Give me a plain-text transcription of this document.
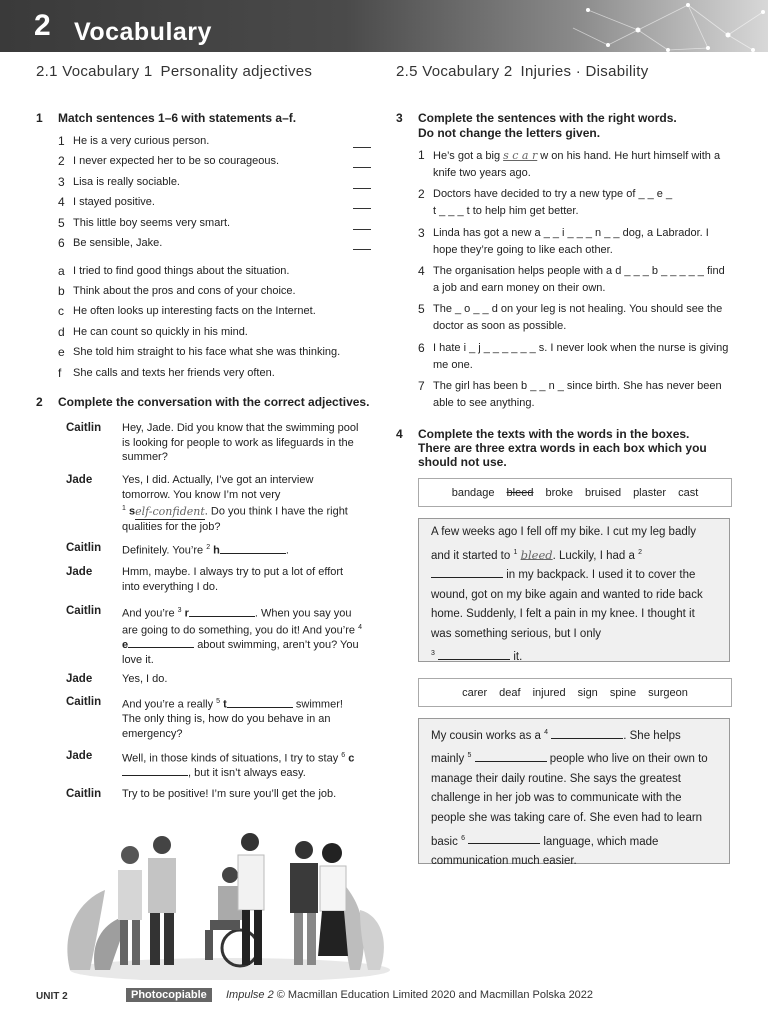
2 Vocabulary
2.1 Vocabulary 1 Personality adjectives	2.5 Vocabulary 2 Injuries · Disability
1 Match sentences 1–6 with statements a–f.
1 He is a very curious person.
2 I never expected her to be so courageous.
3 Lisa is really sociable.
4 I stayed positive.
5 This little boy seems very smart.
6 Be sensible, Jake.
a I tried to find good things about the situation.
b Think about the pros and cons of your choice.
c He often looks up interesting facts on the Internet.
d He can count so quickly in his mind.
e She told him straight to his face what she was thinking.
f She calls and texts her friends very often.
2 Complete the conversation with the correct adjectives.
Caitlin Hey, Jade. Did you know that the swimming pool is looking for people to work as lifeguards in the summer?
Jade	Yes, I did. Actually, I’ve got an interview tomorrow. You know I’m not very
$^1$ self-confident. Do you think I have the right qualities for the job?
Caitlin Definitely. You’re $^2$ h	.
Jade	Hmm, maybe. I always try to put a lot of effort into everything I do.
Caitlin And you’re $^3$ r	. When you say you are going to do something, you do it! And you’re $^4$ e	about swimming, aren’t you? You love it.
Jade	Yes, I do.
Caitlin And you’re a really $^5$ t	swimmer! The only thing is, how do you behave in an emergency?
Jade	Well, in those kinds of situations, I try to stay $^6$ c, but it isn’t always easy.
Caitlin Try to be positive! I’m sure you’ll get the job.
3 Complete the sentences with the right words.
Do not change the letters given.
1 He’s got a big s c a r w on his hand. He hurt himself with a knife two years ago.
2 Doctors have decided to try a new type of _ _ e _ t _ _ _ t to help him get better.
3 Linda has got a new a _ _ i _ _ _ n _ _ dog, a Labrador. I hope they’re going to like each other.
4 The organisation helps people with a d _ _ _ b _ _ _ _ _ find a job and earn money on their own.
5 The _ o _ _ d on your leg is not healing. You should see the doctor as soon as possible.
6 I hate i _ j _ _ _ _ _ _ s. I never look when the nurse is giving me one.
7 The girl has been b _ _ n _ since birth. She has never been able to see anything.
4 Complete the texts with the words in the boxes.
There are three extra words in each box which you
should not use.
bandage bleed broke bruised plaster cast
A few weeks ago I fell off my bike. I cut my leg badly and it started to $^1$ bleed. Luckily, I had a $^2$  in my backpack. I used it to cover the wound, got on my bike again and wanted to ride back home. Suddenly, I felt a pain in my knee. I thought it was something serious, but I only
$^3$	it.
carer deaf injured sign spine surgeon
My cousin works as a $^4$	. She helps mainly $^5$	people who live on their own to manage their daily routine. She says the greatest challenge in her job was to communicate with the people she was taking care of. She even had to learn basic $^6$	language, which made communication much easier.
UNIT 2	Photocopiable	Impulse 2 © Macmillan Education Limited 2020 and Macmillan Polska 2022
